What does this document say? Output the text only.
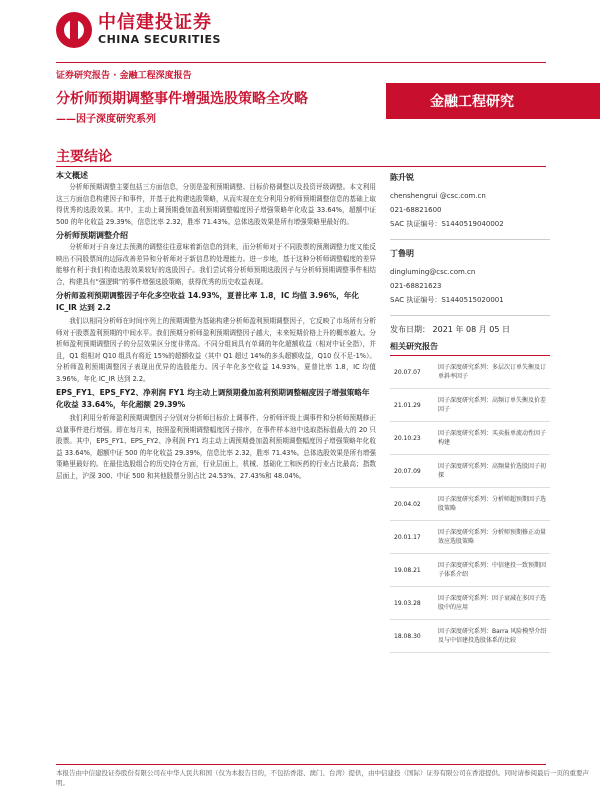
中信建投证券
CHINA SECURITIES
证券研究报告 · 金融工程深度报告
分析师预期调整事件增强选股策略全攻略
——因子深度研究系列
金融工程研究
主要结论

本文概述

分析师预期调整主要包括三方面信息，分别是盈利预期调整、目标价格调整以及投资评级调整。本文利用这三方面信息构建因子和事件，并基于此构建选股策略，从而实现在充分利用分析师预期调整信息的基础上取得优秀的选股效果。其中，主动上调预期叠加盈利预期调整幅度因子增强策略年化收益 33.64%，超额中证 500 的年化收益 29.39%，信息比率 2.32，胜率 71.43%。总体选股效果是所有增强策略里最好的。

分析师预期调整介绍

分析师对于自身过去预测的调整往往意味着新信息的到来，而分析师对于不同股票的预测调整力度又能反映出不同股票间的边际改善差异和分析师对于新信息的处理能力。进一步地，基于这种分析师调整幅度的差异能够有利于我们构造选股效果较好的选股因子。我们尝试将分析师预期选股因子与分析师预期调整事件相结合，构建具有“强逻辑”的事件增强选股策略，获得优秀的历史收益表现。

分析师盈利预期调整因子年化多空收益 14.93%，夏普比率 1.8，IC 均值 3.96%，年化 IC_IR 达到 2.2

我们以相同分析师在时间序列上的预期调整为基础构建分析师盈利预期调整因子，它反映了市场所有分析师对于股票盈利预期的中间水平。我们预期分析师盈利预期调整因子越大，未来短期价格上升的概率越大。分析师盈利预期调整因子的分层效果区分度非常高。不同分组间具有单调的年化超额收益（相对中证全指），并且，Q1 组相对 Q10 组具有将近 15%的超额收益（其中 Q1 超过 14%的多头超额收益，Q10 仅不足-1%）。分析师盈利预期调整因子表现出优异的选股能力。因子年化多空收益 14.93%，夏普比率 1.8，IC 均值 3.96%，年化 IC_IR 达到 2.2。

EPS_FY1、EPS_FY2、净利润 FY1 均主动上调预期叠加盈利预期调整幅度因子增强策略年化收益 33.64%，年化超额 29.39%

我们利用分析师盈利预期调整因子分别对分析师目标价上调事件、分析师评级上调事件和分析师预期修正动量事件进行增强。即在每月末，按照盈利预期调整幅度因子排序，在事件样本池中选取指标值最大的 20 只股票。其中，EPS_FY1、EPS_FY2、净利润 FY1 均主动上调预期叠加盈利预期调整幅度因子增强策略年化收益 33.64%，超额中证 500 的年化收益 29.39%，信息比率 2.32，胜率 71.43%。总体选股效果是所有增强策略里最好的。在最佳选股组合的历史持仓方面，行业层面上，机械、基础化工和医药的行业占比最高；指数层面上，沪深 300、中证 500 和其他股票分别占比 24.53%、27.43%和 48.04%。

陈升锐
chenshengrui @csc.com.cn
021-68821600
SAC 执证编号：S1440519040002
丁鲁明
dingluming@csc.com.cn
021-68821623
SAC 执证编号：S1440515020001
发布日期： 2021 年 08 月 05 日
相关研究报告
20.07.07
因子深度研究系列：多层次订单失衡及订单斜率因子
21.01.29
因子深度研究系列：高频订单失衡及价差因子
20.10.23
因子深度研究系列：买卖报单流动性因子构建
20.07.09
因子深度研究系列：高频量价选股因子初探
20.04.02
因子深度研究系列：分析师超预期因子选股策略
20.01.17
因子深度研究系列：分析师预期修正动量效应选股策略
19.08.21
因子深度研究系列：中信建投一致预期因子体系介绍
19.03.28
因子深度研究系列：因子衰减在多因子选股中的应用
18.08.30
因子深度研究系列：Barra 风险模型介绍及与中信建投选股体系的比较
本报告由中信建投证券股份有限公司在中华人民共和国（仅为本报告目的，不包括香港、澳门、台湾）提供，由中信建投（国际）证券有限公司在香港提供。同时请参阅最后一页的重要声明。
